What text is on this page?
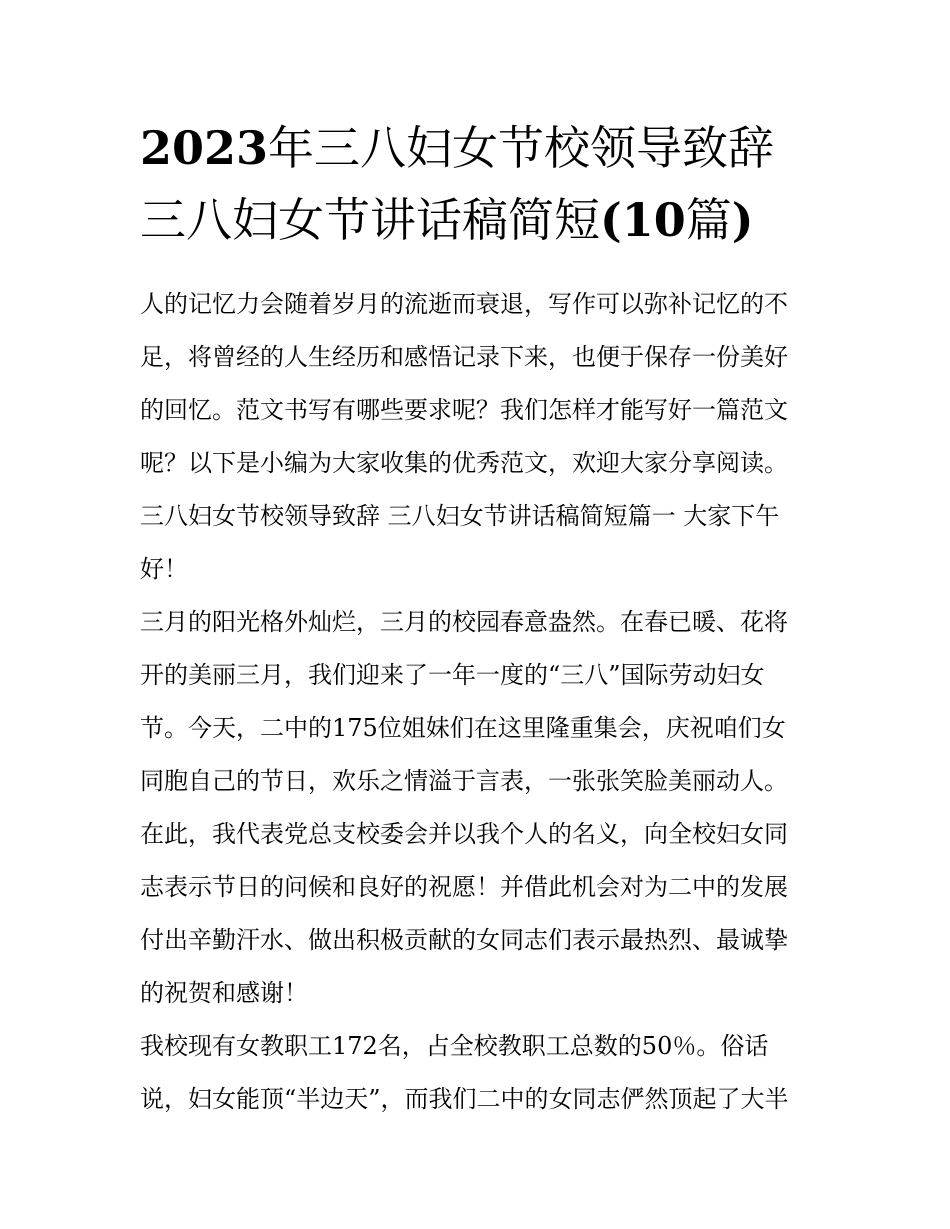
2023年三八妇女节校领导致辞
三八妇女节讲话稿简短(10篇)
人的记忆力会随着岁月的流逝而衰退，写作可以弥补记忆的不
足，将曾经的人生经历和感悟记录下来，也便于保存一份美好
的回忆。范文书写有哪些要求呢？我们怎样才能写好一篇范文
呢？以下是小编为大家收集的优秀范文，欢迎大家分享阅读。
三八妇女节校领导致辞 三八妇女节讲话稿简短篇一 大家下午
好！
三月的阳光格外灿烂，三月的校园春意盎然。在春已暖、花将
开的美丽三月，我们迎来了一年一度的“三八”国际劳动妇女
节。今天，二中的175位姐妹们在这里隆重集会，庆祝咱们女
同胞自己的节日，欢乐之情溢于言表，一张张笑脸美丽动人。
在此，我代表党总支校委会并以我个人的名义，向全校妇女同
志表示节日的问候和良好的祝愿！并借此机会对为二中的发展
付出辛勤汗水、做出积极贡献的女同志们表示最热烈、最诚挚
的祝贺和感谢！
我校现有女教职工172名，占全校教职工总数的50％。俗话
说，妇女能顶“半边天”，而我们二中的女同志俨然顶起了大半
